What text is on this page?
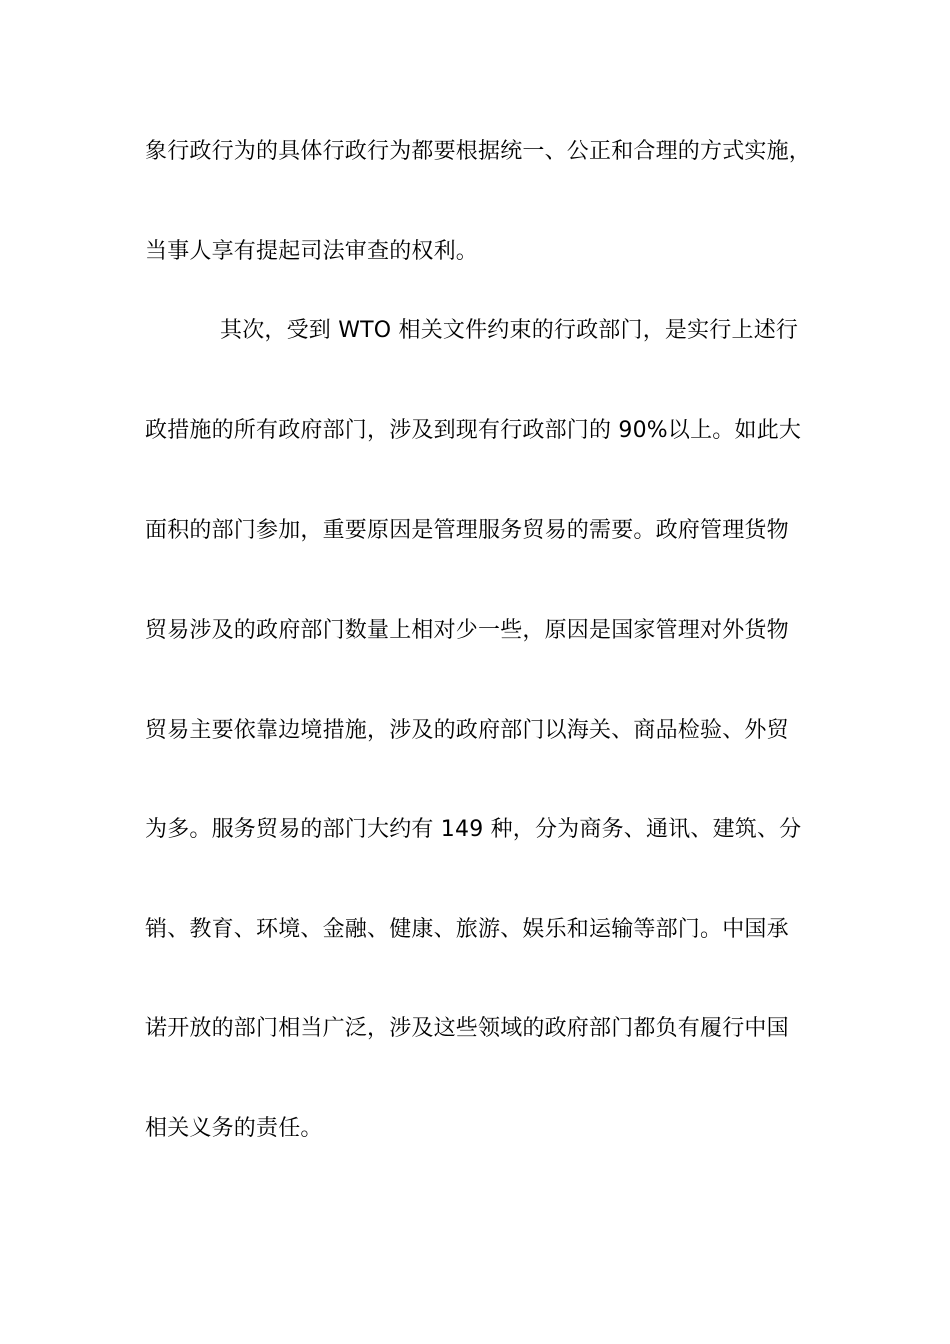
象行政行为的具体行政行为都要根据统一、公正和合理的方式实施，
当事人享有提起司法审查的权利。
其次，受到 WTO 相关文件约束的行政部门，是实行上述行
政措施的所有政府部门，涉及到现有行政部门的 90%以上。如此大
面积的部门参加，重要原因是管理服务贸易的需要。政府管理货物
贸易涉及的政府部门数量上相对少一些，原因是国家管理对外货物
贸易主要依靠边境措施，涉及的政府部门以海关、商品检验、外贸
为多。服务贸易的部门大约有 149 种，分为商务、通讯、建筑、分
销、教育、环境、金融、健康、旅游、娱乐和运输等部门。中国承
诺开放的部门相当广泛，涉及这些领域的政府部门都负有履行中国
相关义务的责任。
